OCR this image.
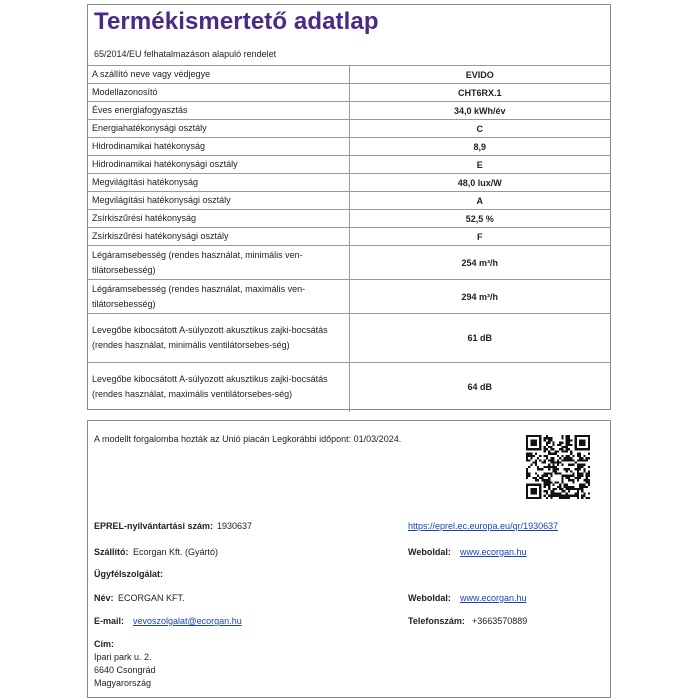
Termékismertető adatlap
65/2014/EU felhatalmazáson alapuló rendelet
A szállító neve vagy védjegye	EVIDO
Modellazonosító	CHT6RX.1
Éves energiafogyasztás	34,0 kWh/év
Energiahatékonysági osztály	C
Hidrodinamikai hatékonyság	8,9
Hidrodinamikai hatékonysági osztály	E
Megvilágítási hatékonyság	48,0 lux/W
Megvilágítási hatékonysági osztály	A
Zsírkiszűrési hatékonyság	52,5 %
Zsírkiszűrési hatékonysági osztály	F
Légáramsebesség (rendes használat, minimális ven-tilátorsebesség)	254 m³/h
Légáramsebesség (rendes használat, maximális ven-tilátorsebesség)	294 m³/h
Levegőbe kibocsátott A-súlyozott akusztikus zajki-bocsátás (rendes használat, minimális ventilátorsebes-ség)	61 dB
Levegőbe kibocsátott A-súlyozott akusztikus zajki-bocsátás (rendes használat, maximális ventilátorsebes-ség)	64 dB
A modellt forgalomba hozták az Unió piacán Legkorábbi időpont: 01/03/2024.
EPREL-nyilvántartási szám: 1930637	https://eprel.ec.europa.eu/qr/1930637
Szállító: Ecorgan Kft. (Gyártó)	Weboldal: www.ecorgan.hu
Ügyfélszolgálat:
Név: ECORGAN KFT.	Weboldal: www.ecorgan.hu
E-mail: vevoszolgalat@ecorgan.hu	Telefonszám: +3663570889
Cím:
Ipari park u. 2.
6640 Csongrád
Magyarország
